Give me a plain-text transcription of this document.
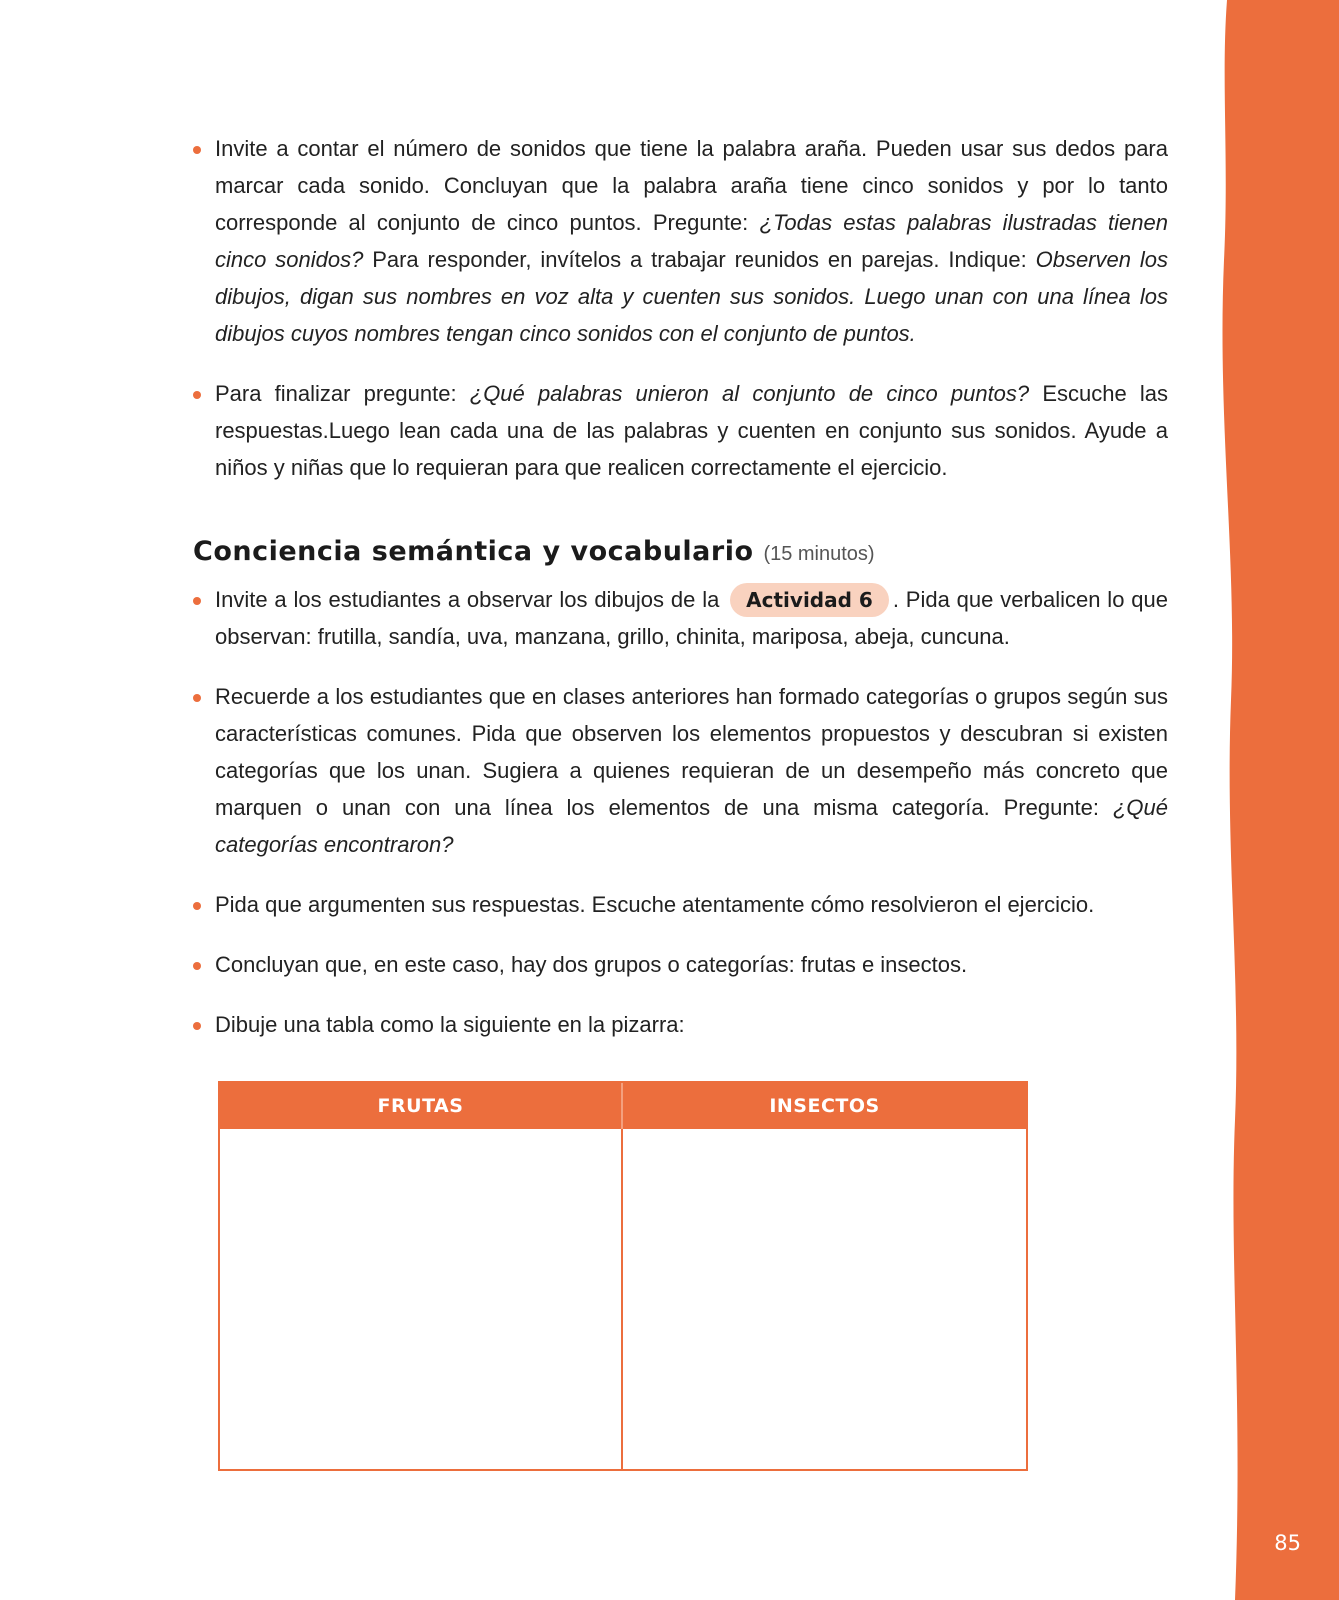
85
Invite a contar el número de sonidos que tiene la palabra araña. Pueden usar sus dedos para marcar cada sonido. Concluyan que la palabra araña tiene cinco sonidos y por lo tanto corresponde al conjunto de cinco puntos. Pregunte: ¿Todas estas palabras ilustradas tienen cinco sonidos? Para responder, invítelos a trabajar reunidos en parejas. Indique: Observen los dibujos, digan sus nombres en voz alta y cuenten sus sonidos. Luego unan con una línea los dibujos cuyos nombres tengan cinco sonidos con el conjunto de puntos.
Para finalizar pregunte: ¿Qué palabras unieron al conjunto de cinco puntos? Escuche las respuestas.Luego lean cada una de las palabras y cuenten en conjunto sus sonidos. Ayude a niños y niñas que lo requieran para que realicen correctamente el ejercicio.
Conciencia semántica y vocabulario (15 minutos)
Invite a los estudiantes a observar los dibujos de la Actividad 6 . Pida que verbalicen lo que observan: frutilla, sandía, uva, manzana, grillo, chinita, mariposa, abeja, cuncuna.
Recuerde a los estudiantes que en clases anteriores han formado categorías o grupos según sus características comunes. Pida que observen los elementos propuestos y descubran si existen categorías que los unan. Sugiera a quienes requieran de un desempeño más concreto que marquen o unan con una línea los elementos de una misma categoría. Pregunte: ¿Qué categorías encontraron?
Pida que argumenten sus respuestas. Escuche atentamente cómo resolvieron el ejercicio.
Concluyan que, en este caso, hay dos grupos o categorías: frutas e insectos.
Dibuje una tabla como la siguiente en la pizarra:
FRUTAS	INSECTOS
